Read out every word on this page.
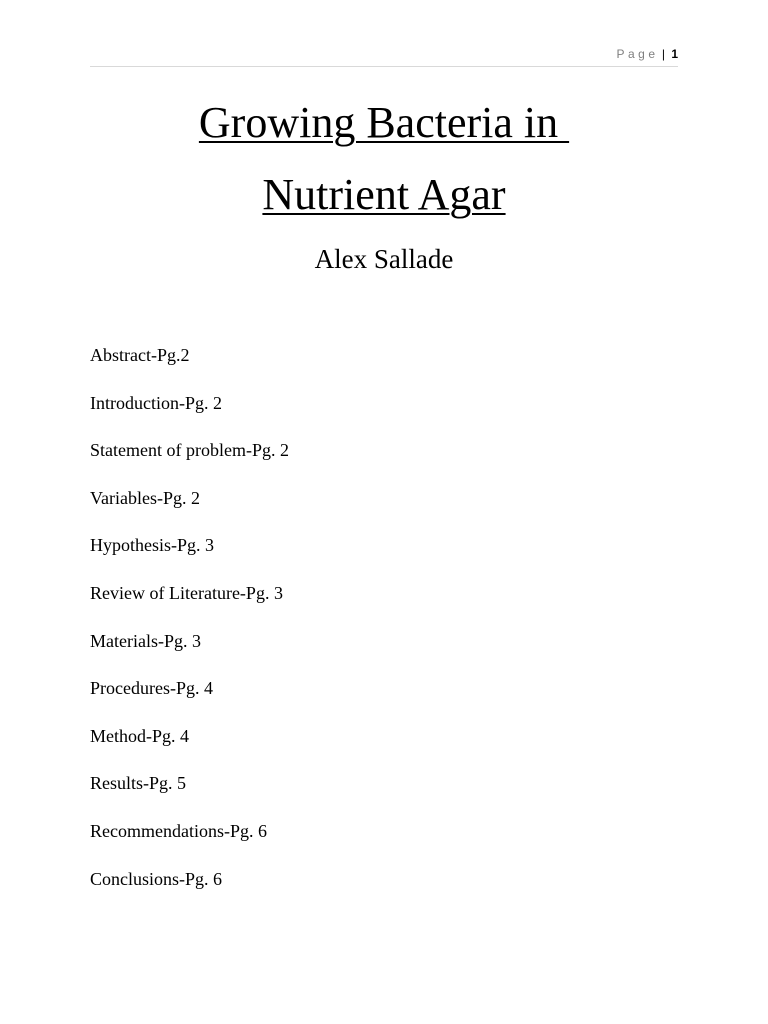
Page | 1
Growing Bacteria in
Nutrient Agar

Alex Sallade

Abstract-Pg.2
Introduction-Pg. 2
Statement of problem-Pg. 2
Variables-Pg. 2
Hypothesis-Pg. 3
Review of Literature-Pg. 3
Materials-Pg. 3
Procedures-Pg. 4
Method-Pg. 4
Results-Pg. 5
Recommendations-Pg. 6
Conclusions-Pg. 6
